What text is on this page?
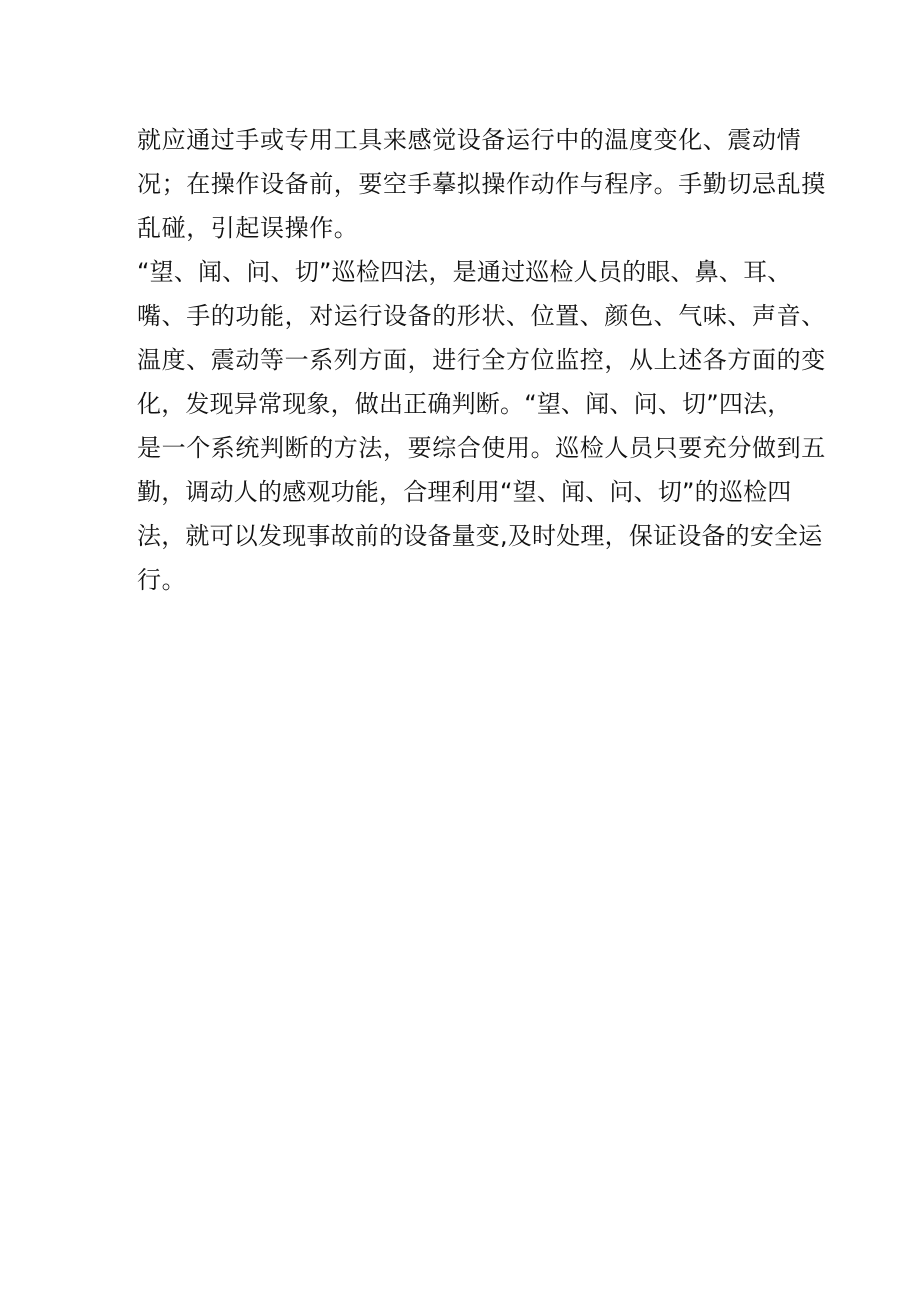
就应通过手或专用工具来感觉设备运行中的温度变化、震动情
况；在操作设备前，要空手摹拟操作动作与程序。手勤切忌乱摸
乱碰，引起误操作。
“望、闻、问、切”巡检四法，是通过巡检人员的眼、鼻、耳、
嘴、手的功能，对运行设备的形状、位置、颜色、气味、声音、
温度、震动等一系列方面，进行全方位监控，从上述各方面的变
化，发现异常现象，做出正确判断。“望、闻、问、切”四法，
是一个系统判断的方法，要综合使用。巡检人员只要充分做到五
勤，调动人的感观功能，合理利用“望、闻、问、切”的巡检四
法，就可以发现事故前的设备量变,及时处理，保证设备的安全运
行。
